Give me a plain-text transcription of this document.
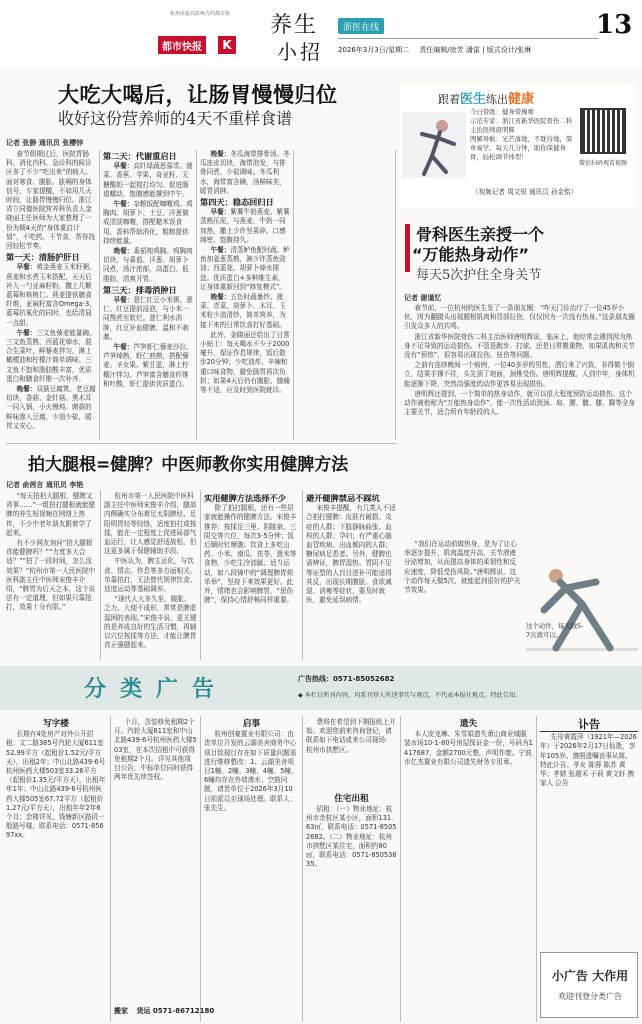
杭州市最具影响力的都市报
都市快报	K
养生
小招
浙医在线
2026年3月3日/星期二 责任编辑/徐芳 潘雷 | 版式设计/张琳
13
大吃大喝后，让肠胃慢慢归位
收好这份营养师的4天不重样食谱
记者 张静 通讯员 张樱锌

春节假期过后，医院胃肠科、消化内科、急诊科的候诊区多了不少“吃出来”的病人。面对寒食、腹胀、胀嗝的身体信号，专家提醒，不如用几天时间，让肠胃慢慢归位。浙江省立同德医院营养科负责人金晓丽主任医师为大家整理了一份为期4天的“身体重启计划”，不吃药、不节食，帮你找回轻松节奏。

第一天：清肠护肝日

早餐：黄金燕麦玉米籽粥。燕麦和水煮玉米搭配，天天后补入一勺亚麻籽粉，撒上几颗蓝莓和核桃仁。燕麦提供膳食纤维，亚麻籽富含Omega-3，蓝莓抗氧化的同时，也给清晨一点甜。

午餐：三文鱼藜麦能量碗。三文鱼蒸熟，西蓝花焯水，混合生菜叶，鲜藜麦拌匀，淋上橄榄油和柠檬汁简单调味。三文鱼不饱和脂肪酸丰富，优质蛋白和膳食纤维一次补齐。

晚餐：双菇豆腐煲。老豆腐切块，香菇、金针菇、黑木耳一同入锅，小火慢炖。菌菇的鲜味渗入豆腐，少油少盐，暖胃又安心。

第二天：代谢重启日

早餐：高纤绿蔬思慕雪。菠菜、香蕉、苹果、奇亚籽、无糖酸奶一起搅打均匀。促进肠道蠕动，饱腹感能撑到中午。

午餐：杂粮饭配咖喱鸡。鸡胸肉、胡萝卜、土豆、洋葱做成清淡咖喱，搭配糙米饭食用。香料帮助消化，粗粮提供持续能量。

晚餐：番茄炖鸡胸。鸡胸肉切块，与番茄、洋葱、胡萝卜同煮，汤汁浓郁，高蛋白、低脂肪，清爽开胃。

第三天：排毒消肿日

早餐：薏仁红豆小米粥。薏仁、红豆提前浸泡，与小米一同熬煮至软烂。薏仁利水消肿，红豆补血健脾，温和不刺激。

午餐：芦笋虾仁藜麦沙拉。芦笋焯熟，虾仁煎熟，搭配藜麦、圣女果、紫甘蓝，淋上柠檬汁拌匀。芦笋富含膳食纤维和叶酸，虾仁提供优质蛋白。

晚餐：冬瓜海带排骨汤。冬瓜连皮切块，海带泡发，与排骨同煮，少盐调味。冬瓜利水，海带富含碘，汤鲜味美，暖胃消肿。

第四天：稳态回归日

早餐：紫薯牛奶燕麦。紫薯蒸熟压泥，与燕麦、牛奶一同加热，撒上少许坚果碎。口感绵密，饱腹持久。

午餐：清蒸鲈鱼配时蔬。鲈鱼加姜葱蒸熟，淋少许蒸鱼豉油；西蓝花、胡萝卜焯水摆盘。优质蛋白+多种维生素，让身体重新回到“修复模式”。

晚餐：五色时蔬暴炒。菠菜、青菜、胡萝卜、木耳、玉米粒少油清炒，简单营养，为接下来的日常饮食打好基础。

此外，金晓丽还给出了日常小贴士：每天喝水不少于2000毫升，保证作息规律，饭后散步20分钟；少吃油炸、辛辣和重口味食物，避免肠胃再次负担；如果4天后仍有腹胀、腹痛等不适，应及时到医院就诊。

跟着医生练出健康
今日带练：健身带操师
示范专家：浙江省新华医院骨伤二科主治医师唐明辉
图解导航：光芒落地，不耽待地，简单易学。每天几分钟，助你保健身骨，轻松调节体型！
微信扫码观看视频
（视频记者 周文锐 通讯员 孙金铭）
骨科医生亲授一个
“万能热身动作”
每天5次护住全身关节
记者 谢谨忆

春节前，一位杭州的医生发了一条朋友圈：“咋天门诊治疗了一位45岁小伙，因为翻腿头出现腿根肌肉和背部拉伤，仅仅因为一次没有热身。”这条朋友圈引发众多人的共鸣。

浙江省新华医院骨伤二科主治医师唐明辉说，临床上，他经常会遇到因为热身不足导致的运动损伤。不管是跑步、打球，还是日常搬重物，如果肌肉和关节没有“预热”，很容易出现拉伤、扭伤等问题。

之前有连续晚间一个病例，一位40多岁的男性，洒后来了兴致，非得做个倒立，结果手撑不住，头先顶了地面，颈椎受伤。唐明辉提醒，人到中年，身体机能逐渐下降，突然高强度的动作更容易出现损伤。

唐明辉还提到，一个简单的热身动作，就可以很大程度预防运动损伤。这个动作被他称为“万能热身动作”，能一次性活动到颈、肩、腰、髋、膝、踝等全身主要关节，适合所有年龄段的人。

“我们在运动前做热身，是为了让心率逐步提升，肌肉温度升高，关节滑液分泌增加，从而提高身体的柔韧性和反应速度，降低受伤风险。”唐明辉说，这个动作每天做5次，就能起到很好的护关节效果。

这个动作，每天做5-7次就可以。
拍大腿根=健脾？中医师教你实用健脾方法
记者 俞茜言 通讯员 李艳

“每天拍拍大腿根，健脾又省事……”一组拍打腿根就能健脾的养生短视频在网络上热传，不少中老年朋友跟着学了起来。

有不少网友询问“拍大腿根真能健脾吗？”“力度多大合适？”“拍了一段时间，怎么没效果？”杭州市第一人民医院中医科副主任中医师宋俊丰介绍，“脾胃为后天之本，这个说法有一定道理，但如果只靠拍打，效果十分有限。”

杭州市第一人民医院中医科副主任中医师宋俊丰介绍，腿部内侧确实分布着足太阴脾经、足阳明胃经等经络，适度拍打或按揉，能在一定程度上促进局部气血运行，让人感觉舒适放松，但这更多属于保健辅助手段。

中医认为，脾主运化，与饮食、情志、作息等多方面相关。单靠拍打，无法替代规律饮食、适度运动等基础调养。

“现代人大多久坐，腹胀、乏力、大便不成形，常常是脾虚湿困的表现。”宋俊丰说，更关键的是养成良好的生活习惯，再辅以穴位按揉等方法，才能让脾胃真正强健起来。

实用健脾方法选择不少

除了拍打腿根，还有一些居家就能操作的健脾方法。宋俊丰推荐：按揉足三里、阴陵泉、三阴交等穴位，每次3-5分钟；饭后顺时针摩腹；饮食上多吃山药、小米、南瓜、茯苓、薏米等食物，少吃生冷油腻；适当运动，如八段锦中的“调理脾胃须单举”，坚持下来效果更好。此外，情绪也会影响脾胃，“思伤脾”，保持心情舒畅同样重要。

避开健脾禁忌不踩坑

宋俊丰提醒，有几类人不适合拍打健脾：皮肤有破损、炎症的人群；下肢静脉曲张、血栓的人群；孕妇；有严重心脑血管疾病、出血倾向的人群；糖尿病足患者。另外，健脾也需辨证，脾胃湿热、胃阴不足等证型的人盲目进补可能适得其反，出现长期腹胀、食欲减退、消瘦等症状，要及时就医，避免延误病情。

分类广告	广告热线：0571-85052682
◆ 本栏目所刊内容，均系刊登人所述事实与观点，不代表本报社观点。特此告知。
写字楼

长期有4处房产对外公开招租：文二路385号汽轮大厦611室52.99平方（起租价1.52元/平方天），出租2年；中山北路439-6号杭州医药大楼503室33.26平方（起租价1.35元/平方天），出租年年1年；中山北路439-6号杭州医药大楼505室67.72平方（起租价1.27元/平方天），出租年年2年6个月；余楼详见，钱塘新区路段一般路号楼，联系电话：0571-85697xx。

个月，含装修免租期2个月。汽轮大厦611室和中山北路439-6号杭州医药大楼503室，在本次招租中可获得免租期2个月。详见其他项目公告，中标单位同时获得两年优先续签权。

启事

杭州创豪置业有限公司：由贵单位开发的云湖美舍商务中心项目致现目存在如下质量问题需进行维修整改：1、云湖美舍项目1幢、2幢、3幢、4幢、5幢、6幢均存在外墙渗水、空鼓问题，请贵单位于2026年3月10日前派员至现场处理。联系人：张先生。

费将在希望到下期报纸上开始。欢迎您前来咨询登记，请联系如下电话或来公司现场：杭州市拱墅区。

住宅出租

招租：（一）物业地址：杭州市余杭区某小区，面积131.63㎡，联系电话：0571-85052682。（二）物业地址：杭州市拱墅区某住宅，面积约80㎡，联系电话：0571-85053835。

遗失

本人庞龙琳、朱雪娟遗失萧山商业城服装市场10-1-80号房屋保证金一份，号码为1417687，金额2700元整，声明作废。宁波市亿杰置业有限公司遗失财务专用章。

讣告

先母黄霞萍（1921年—2026年）于2026年2月17日仙逝，享年105岁。遵照遗嘱丧事从简。特此讣告。孝女 陈蓉 陈苏 黄华；孝婿 张超禾 于莉 黄文轩 携家人 泣告

搬家 货运 0571-86712180
小广告 大作用
欢迎刊登分类广告
